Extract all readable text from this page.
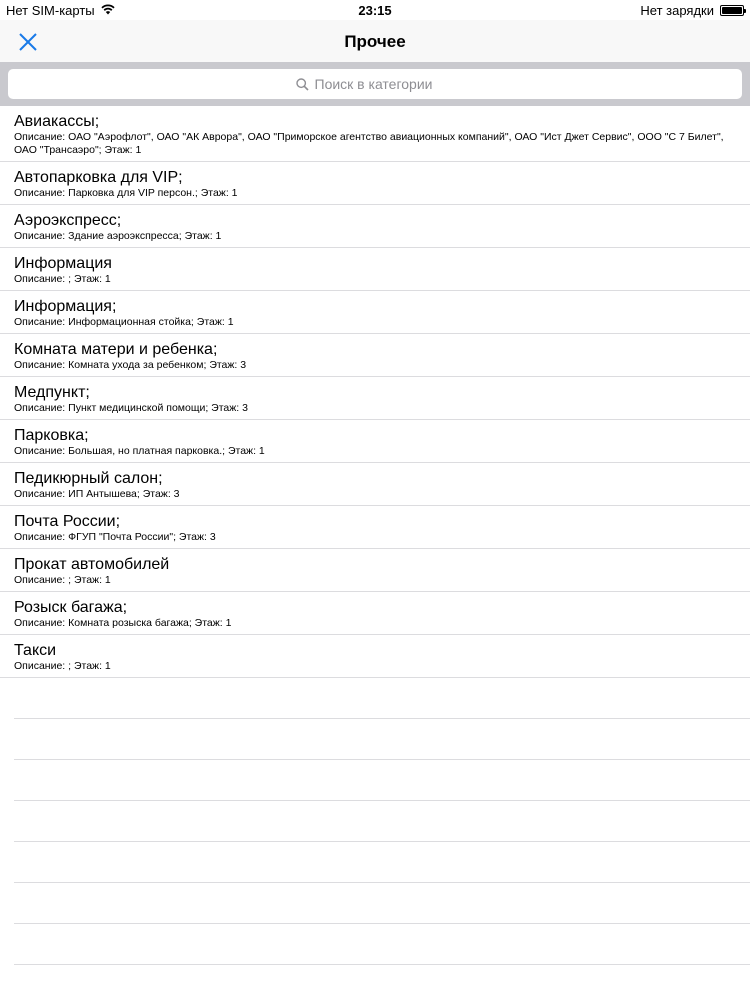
Нет SIM-карты	23:15	Нет зарядки
Прочее
Поиск в категории
Авиакассы;
Описание: ОАО "Аэрофлот", ОАО "АК Аврора", ОАО "Приморское агентство авиационных компаний", ОАО "Ист Джет Сервис", ООО "С 7 Билет", ОАО "Трансаэро"; Этаж: 1
Автопарковка для VIP;
Описание: Парковка для VIP персон.; Этаж: 1
Аэроэкспресс;
Описание: Здание аэроэкспресса; Этаж: 1
Информация
Описание: ; Этаж: 1
Информация;
Описание: Информационная стойка; Этаж: 1
Комната матери и ребенка;
Описание: Комната ухода за ребенком; Этаж: 3
Медпункт;
Описание: Пункт медицинской помощи; Этаж: 3
Парковка;
Описание: Большая, но платная парковка.; Этаж: 1
Педикюрный салон;
Описание: ИП Антышева; Этаж: 3
Почта России;
Описание: ФГУП "Почта России"; Этаж: 3
Прокат автомобилей
Описание: ; Этаж: 1
Розыск багажа;
Описание: Комната розыска багажа; Этаж: 1
Такси
Описание: ; Этаж: 1
